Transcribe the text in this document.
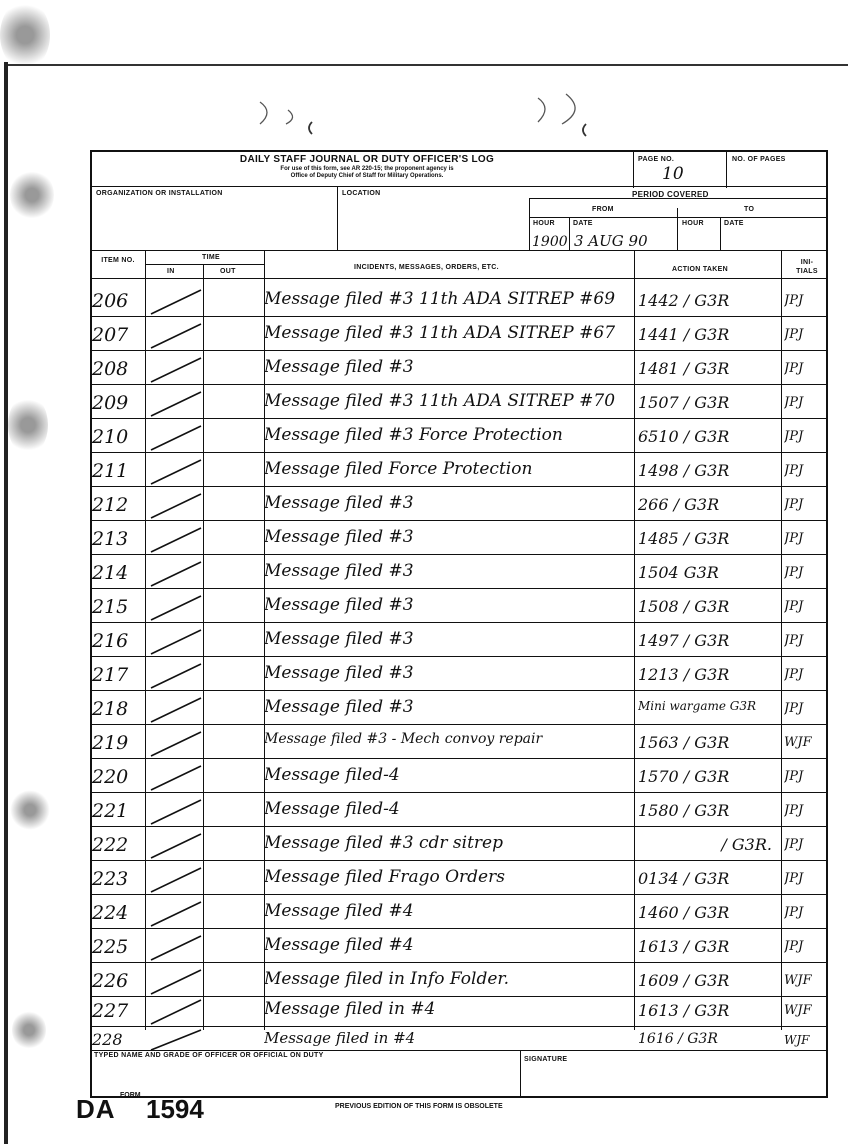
DAILY STAFF JOURNAL OR DUTY OFFICER'S LOG
For use of this form, see AR 220-15; the proponent agency is
Office of Deputy Chief of Staff for Military Operations.
PAGE NO.
10
NO. OF PAGES
ORGANIZATION OR INSTALLATION	LOCATION	PERIOD COVERED
FROM	TO
HOUR	DATE	HOUR	DATE
1900 3 AUG 90
ITEM NO.	TIME
IN	OUT
INCIDENTS, MESSAGES, ORDERS, ETC.	ACTION TAKEN
INI-TIALS
206	Message filed #3 11th ADA SITREP #69	1442 / G3R	JPJ
207	Message filed #3 11th ADA SITREP #67	1441 / G3R	JPJ
208	Message filed #3	1481 / G3R	JPJ
209	Message filed #3 11th ADA SITREP #70	1507 / G3R	JPJ
210	Message filed #3 Force Protection	6510 / G3R	JPJ
211	Message filed Force Protection	1498 / G3R	JPJ
212	Message filed #3	266 / G3R	JPJ
213	Message filed #3	1485 / G3R	JPJ
214	Message filed #3	1504 G3R	JPJ
215	Message filed #3	1508 / G3R	JPJ
216	Message filed #3	1497 / G3R	JPJ
217	Message filed #3	1213 / G3R	JPJ
218	Message filed #3	Mini wargame G3R	JPJ
219	Message filed #3 - Mech convoy repair	1563 / G3R	WJF
220	Message filed-4	1570 / G3R	JPJ
221	Message filed-4	1580 / G3R	JPJ
222	Message filed #3 cdr sitrep	/ G3R. JPJ
223	Message filed Frago Orders	0134 / G3R	JPJ
224	Message filed #4	1460 / G3R	JPJ
225	Message filed #4	1613 / G3R	JPJ
226	Message filed in Info Folder.	1609 / G3R	WJF
227	Message filed in #4	1613 / G3R	WJF
228	Message filed in #4	1616 / G3R	WJF
TYPED NAME AND GRADE OF OFFICER OR OFFICIAL ON DUTY
SIGNATURE
DA FORM 1594	PREVIOUS EDITION OF THIS FORM IS OBSOLETE
